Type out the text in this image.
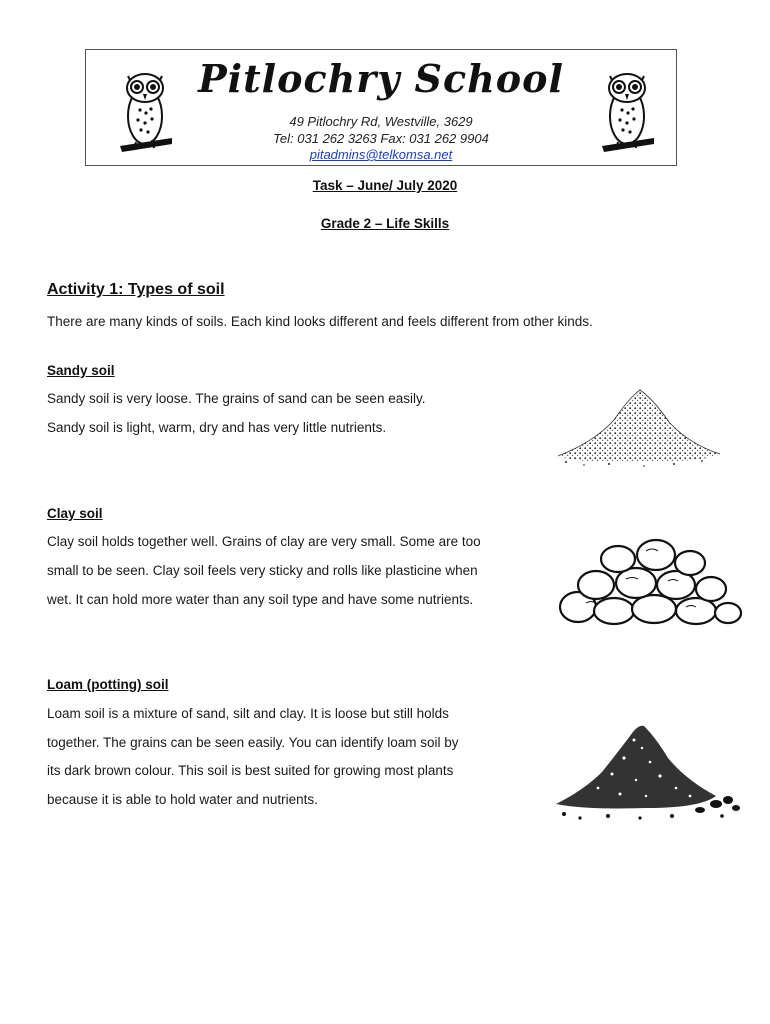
Pitlochry School
49 Pitlochry Rd, Westville, 3629
Tel: 031 262 3263 Fax: 031 262 9904
pitadmins@telkomsa.net
Task – June/ July 2020
Grade 2 – Life Skills
Activity 1: Types of soil
There are many kinds of soils. Each kind looks different and feels different from other kinds.
Sandy soil
Sandy soil is very loose. The grains of sand can be seen easily.
Sandy soil is light, warm, dry and has very little nutrients.
Clay soil
Clay soil holds together well. Grains of clay are very small. Some are too
small to be seen. Clay soil feels very sticky and rolls like plasticine when
wet. It can hold more water than any soil type and have some nutrients.
Loam (potting) soil
Loam soil is a mixture of sand, silt and clay. It is loose but still holds
together. The grains can be seen easily. You can identify loam soil by
its dark brown colour. This soil is best suited for growing most plants
because it is able to hold water and nutrients.
